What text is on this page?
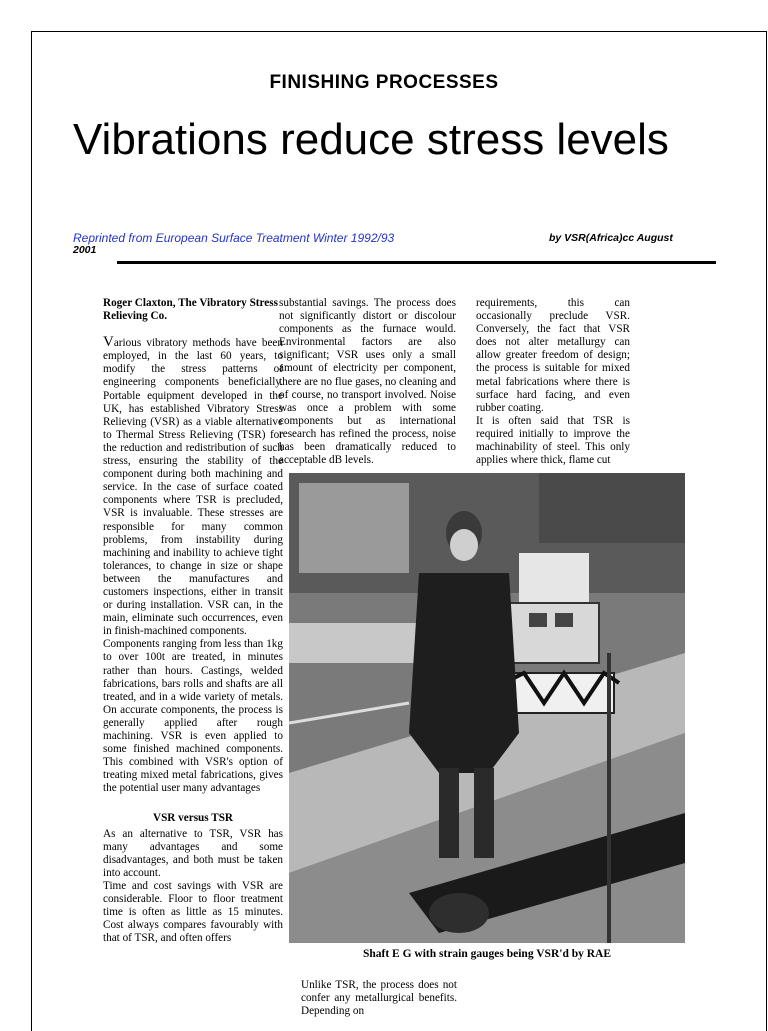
FINISHING PROCESSES
Vibrations reduce stress levels
Reprinted from European Surface Treatment Winter 1992/93	by VSR(Africa)cc August
2001

Roger Claxton, The Vibratory Stress Relieving Co.

Various vibratory methods have been employed, in the last 60 years, to modify the stress patterns of engineering components beneficially. Portable equipment developed in the UK, has established Vibratory Stress Relieving (VSR) as a viable alternative to Thermal Stress Relieving (TSR) for the reduction and redistribution of such stress, ensuring the stability of the component during both machining and service. In the case of surface coated components where TSR is precluded, VSR is invaluable. These stresses are responsible for many common problems, from instability during machining and inability to achieve tight tolerances, to change in size or shape between the manufactures and customers inspections, either in transit or during installation. VSR can, in the main, eliminate such occurrences, even in finish-machined components.

Components ranging from less than 1kg to over 100t are treated, in minutes rather than hours. Castings, welded fabrications, bars rolls and shafts are all treated, and in a wide variety of metals. On accurate components, the process is generally applied after rough machining. VSR is even applied to some finished machined components. This combined with VSR's option of treating mixed metal fabrications, gives the potential user many advantages

VSR versus TSR

As an alternative to TSR, VSR has many advantages and some disadvantages, and both must be taken into account.

Time and cost savings with VSR are considerable. Floor to floor treatment time is often as little as 15 minutes. Cost always compares favourably with that of TSR, and often offers

substantial savings. The process does not significantly distort or discolour components as the furnace would. Environmental factors are also significant; VSR uses only a small amount of electricity per component, there are no flue gases, no cleaning and of course, no transport involved. Noise was once a problem with some components but as international research has refined the process, noise has been dramatically reduced to acceptable dB levels.

requirements, this can occasionally preclude VSR. Conversely, the fact that VSR does not alter metallurgy can allow greater freedom of design; the process is suitable for mixed metal fabrications where there is surface hard facing, and even rubber coating.

It is often said that TSR is required initially to improve the machinability of steel. This only applies where thick, flame cut

Shaft E G with strain gauges being VSR'd by RAE

Unlike TSR, the process does not confer any metallurgical benefits. Depending on
